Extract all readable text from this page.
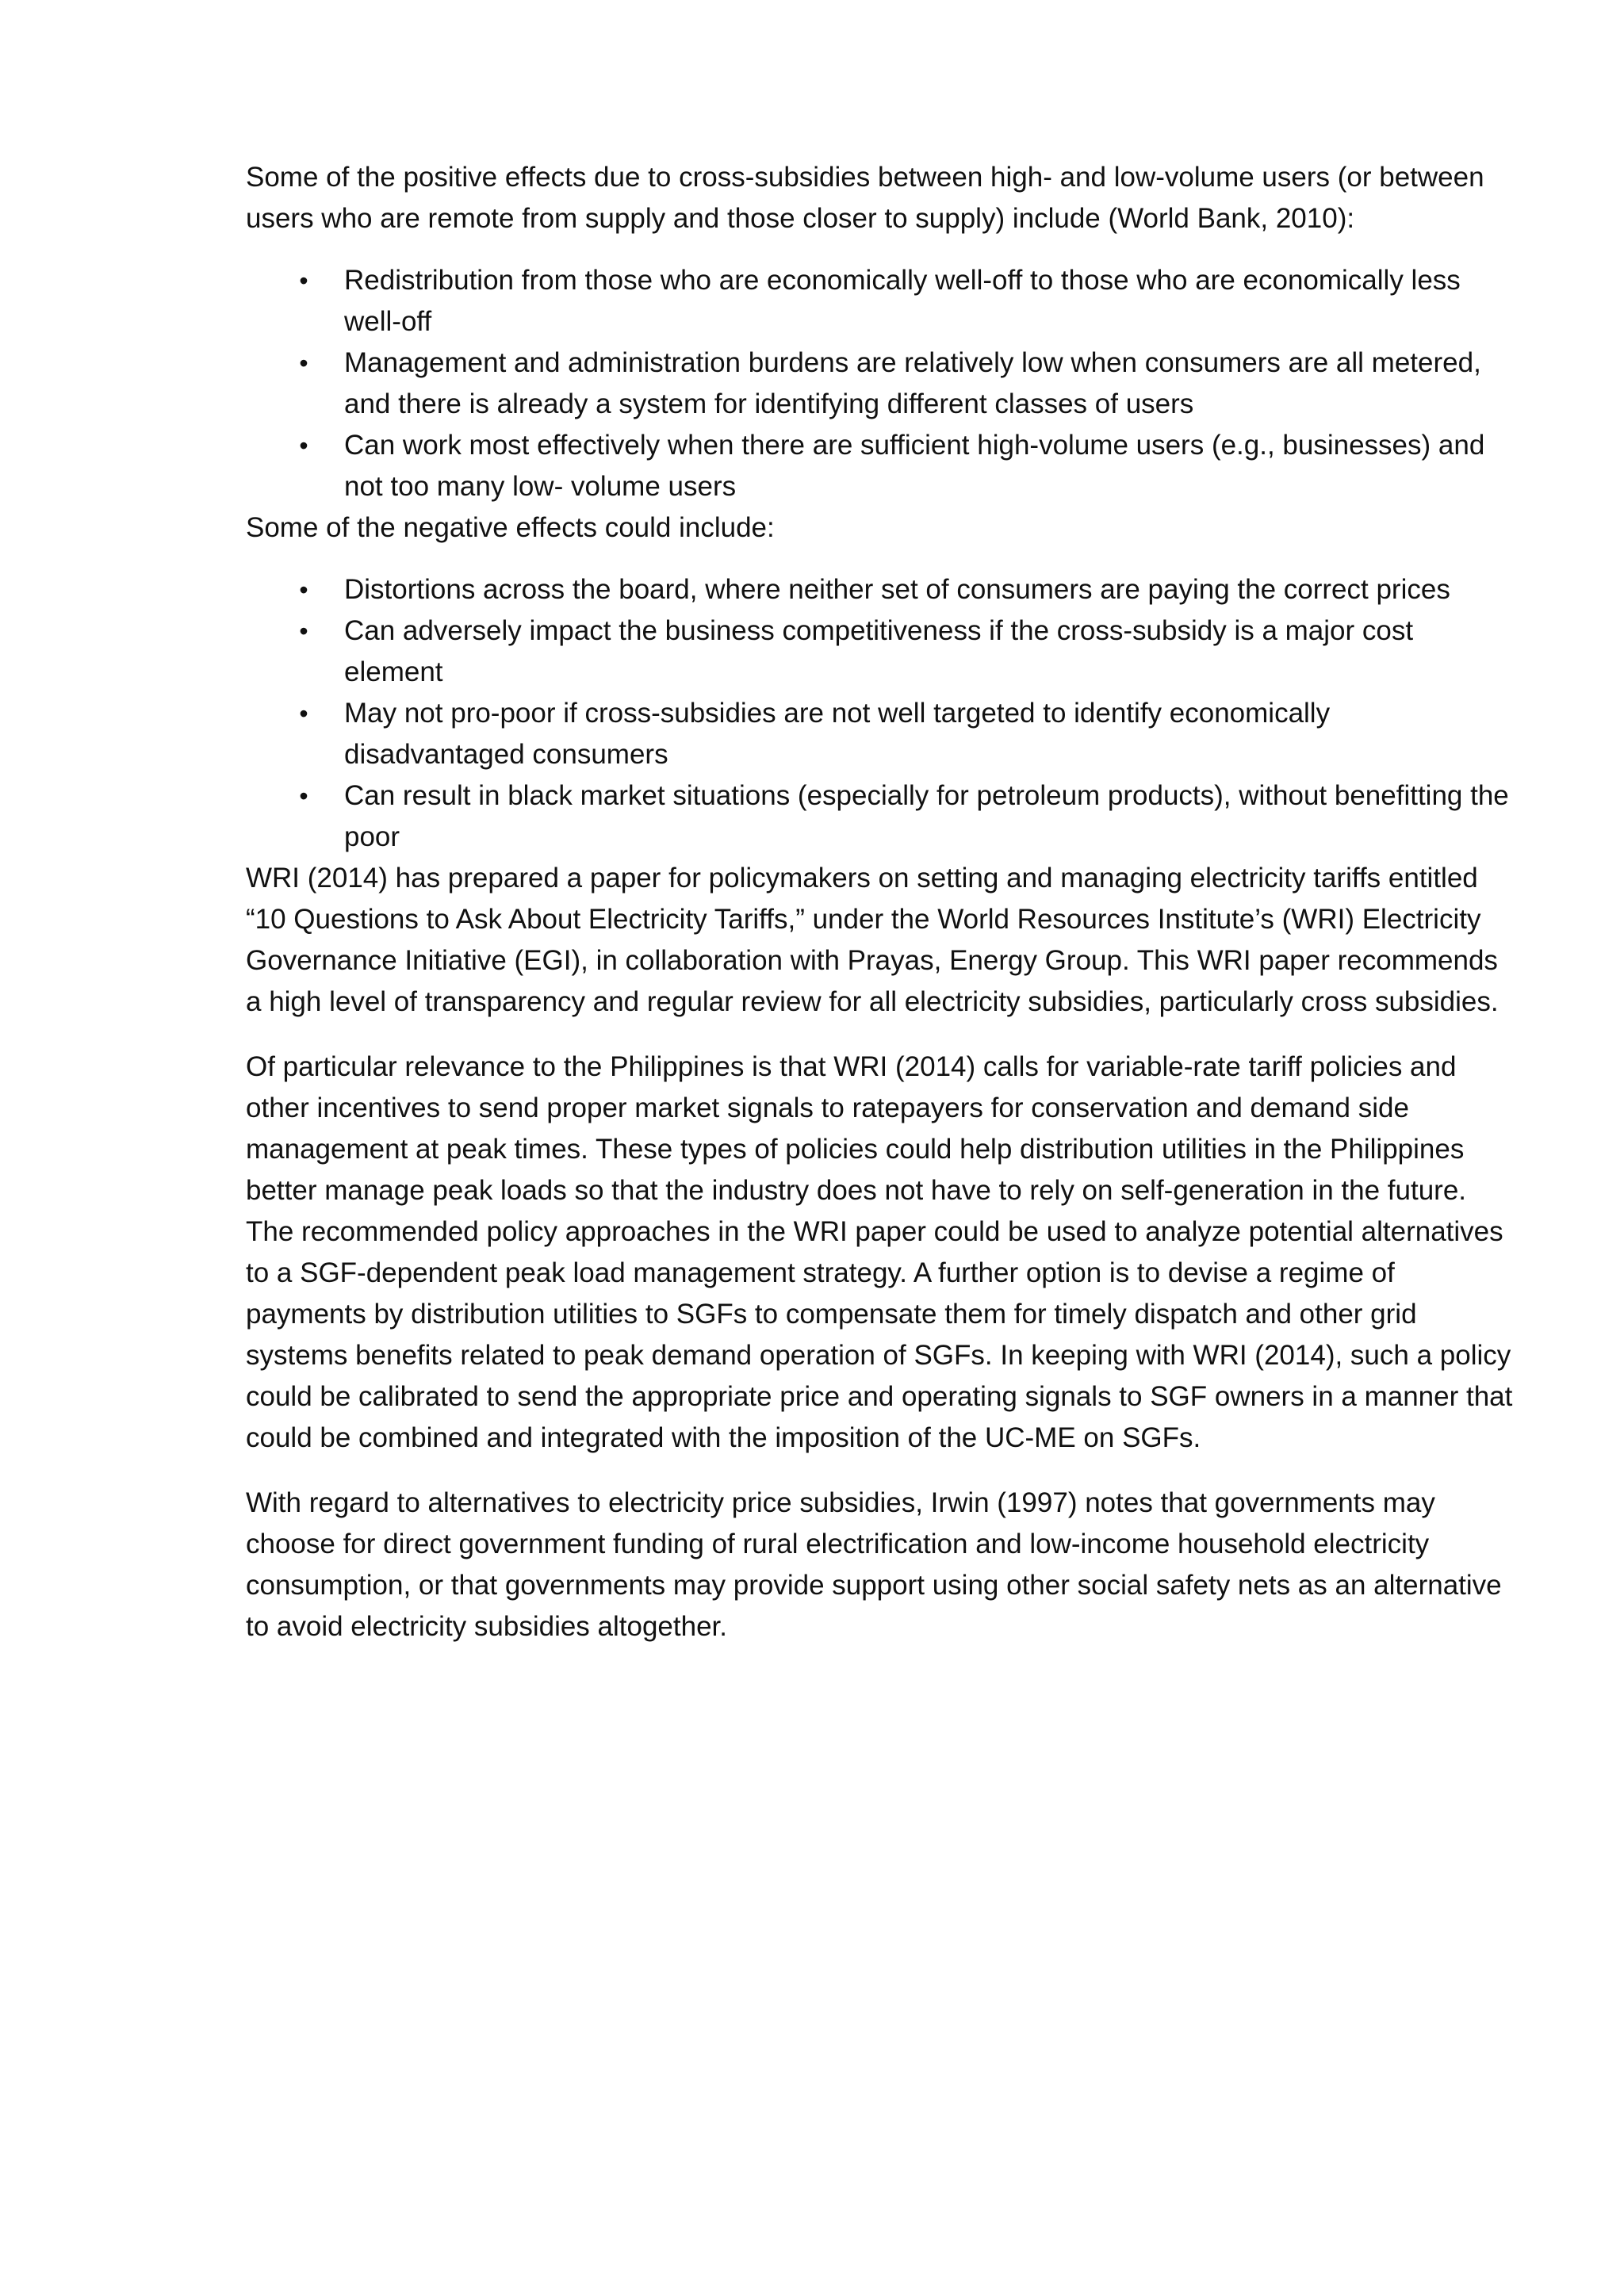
Some of the positive effects due to cross-subsidies between high- and low-volume users (or between users who are remote from supply and those closer to supply) include (World Bank, 2010):

• Redistribution from those who are economically well-off to those who are economically less well-off
• Management and administration burdens are relatively low when consumers are all metered, and there is already a system for identifying different classes of users
• Can work most effectively when there are sufficient high-volume users (e.g., businesses) and not too many low- volume users

Some of the negative effects could include:

• Distortions across the board, where neither set of consumers are paying the correct prices
• Can adversely impact the business competitiveness if the cross-subsidy is a major cost element
• May not pro-poor if cross-subsidies are not well targeted to identify economically disadvantaged consumers
• Can result in black market situations (especially for petroleum products), without benefitting the poor

WRI (2014) has prepared a paper for policymakers on setting and managing electricity tariffs entitled “10 Questions to Ask About Electricity Tariffs,” under the World Resources Institute’s (WRI) Electricity Governance Initiative (EGI), in collaboration with Prayas, Energy Group. This WRI paper recommends a high level of transparency and regular review for all electricity subsidies, particularly cross subsidies.

Of particular relevance to the Philippines is that WRI (2014) calls for variable-rate tariff policies and other incentives to send proper market signals to ratepayers for conservation and demand side management at peak times. These types of policies could help distribution utilities in the Philippines better manage peak loads so that the industry does not have to rely on self-generation in the future. The recommended policy approaches in the WRI paper could be used to analyze potential alternatives to a SGF-dependent peak load management strategy. A further option is to devise a regime of payments by distribution utilities to SGFs to compensate them for timely dispatch and other grid systems benefits related to peak demand operation of SGFs. In keeping with WRI (2014), such a policy could be calibrated to send the appropriate price and operating signals to SGF owners in a manner that could be combined and integrated with the imposition of the UC-ME on SGFs.

With regard to alternatives to electricity price subsidies, Irwin (1997) notes that governments may choose for direct government funding of rural electrification and low-income household electricity consumption, or that governments may provide support using other social safety nets as an alternative to avoid electricity subsidies altogether.
